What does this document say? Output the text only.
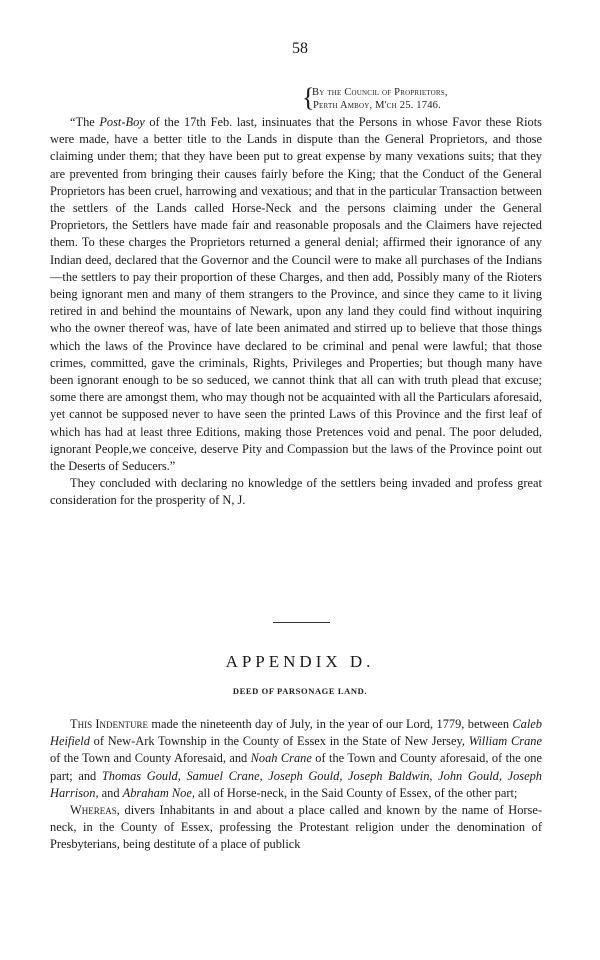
58
{
By the Council of Proprietors,
Perth Amboy, M'ch 25. 1746.

“The Post-Boy of the 17th Feb. last, insinuates that the Persons in whose Favor these Riots were made, have a better title to the Lands in dispute than the General Proprietors, and those claiming under them; that they have been put to great expense by many vexations suits; that they are prevented from bringing their causes fairly before the King; that the Conduct of the General Proprietors has been cruel, harrowing and vexatious; and that in the particular Transaction between the settlers of the Lands called Horse-Neck and the persons claiming under the General Proprietors, the Settlers have made fair and reasonable proposals and the Claimers have rejected them. To these charges the Proprietors returned a general denial; affirmed their ignorance of any Indian deed, declared that the Governor and the Council were to make all purchases of the Indians—the settlers to pay their proportion of these Charges, and then add, Possibly many of the Rioters being ignorant men and many of them strangers to the Province, and since they came to it living retired in and behind the mountains of Newark, upon any land they could find without inquiring who the owner thereof was, have of late been animated and stirred up to believe that those things which the laws of the Province have declared to be criminal and penal were lawful; that those crimes, committed, gave the criminals, Rights, Privileges and Properties; but though many have been ignorant enough to be so seduced, we cannot think that all can with truth plead that excuse; some there are amongst them, who may though not be acquainted with all the Particulars aforesaid, yet cannot be supposed never to have seen the printed Laws of this Province and the first leaf of which has had at least three Editions, making those Pretences void and penal. The poor deluded, ignorant People,we conceive, deserve Pity and Compassion but the laws of the Province point out the Deserts of Seducers.”

They concluded with declaring no knowledge of the settlers being invaded and profess great consideration for the prosperity of N, J.

APPENDIX D.
DEED OF PARSONAGE LAND.

This Indenture made the nineteenth day of July, in the year of our Lord, 1779, between Caleb Heifield of New-Ark Township in the County of Essex in the State of New Jersey, William Crane of the Town and County Aforesaid, and Noah Crane of the Town and County aforesaid, of the one part; and Thomas Gould, Samuel Crane, Joseph Gould, Joseph Baldwin, John Gould, Joseph Harrison, and Abraham Noe, all of Horse-neck, in the Said County of Essex, of the other part;

Whereas, divers Inhabitants in and about a place called and known by the name of Horse-neck, in the County of Essex, professing the Protestant religion under the denomination of Presbyterians, being destitute of a place of publick
